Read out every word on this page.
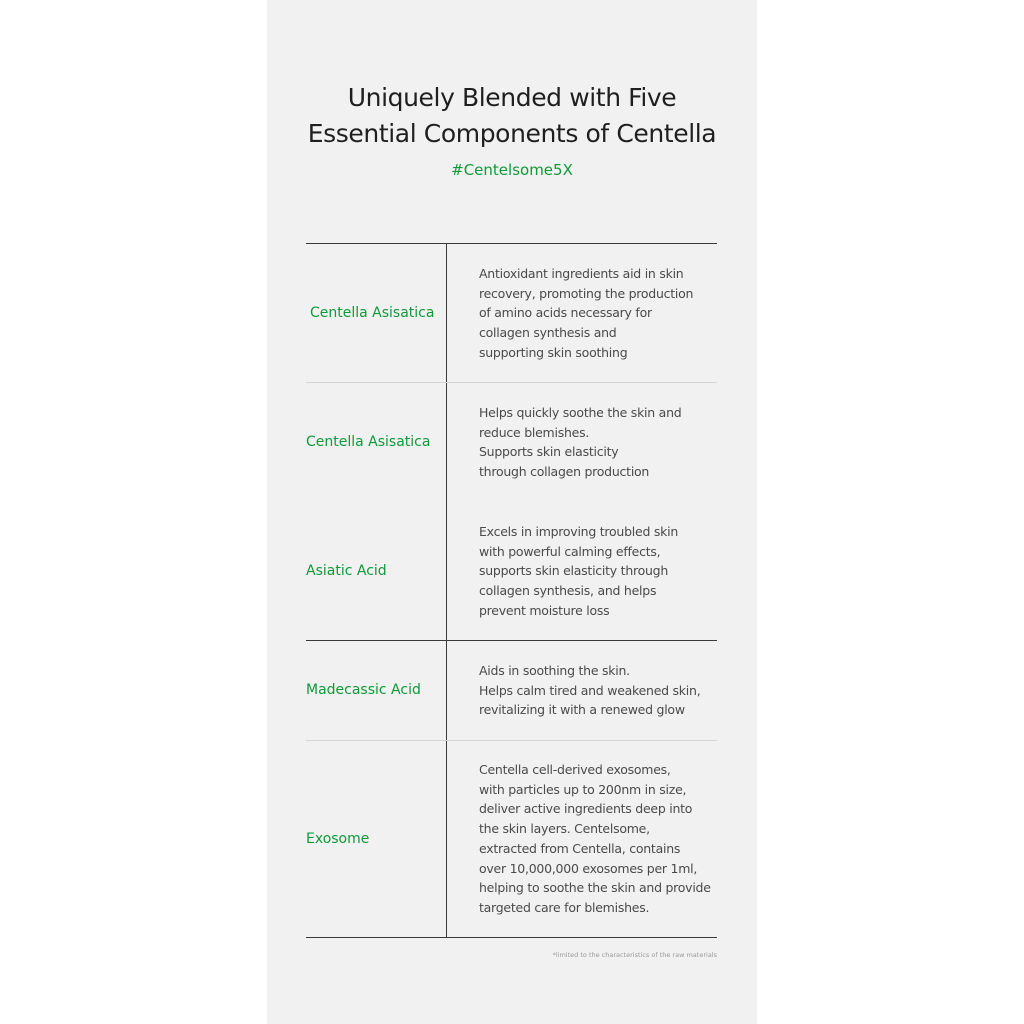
Uniquely Blended with Five
Essential Components of Centella
#Centelsome5X
Centella Asisatica
Antioxidant ingredients aid in skin
recovery, promoting the production
of amino acids necessary for
collagen synthesis and
supporting skin soothing
Centella Asisatica
Helps quickly soothe the skin and
reduce blemishes.
Supports skin elasticity
through collagen production
Asiatic Acid
Excels in improving troubled skin
with powerful calming effects,
supports skin elasticity through
collagen synthesis, and helps
prevent moisture loss
Madecassic Acid
Aids in soothing the skin.
Helps calm tired and weakened skin,
revitalizing it with a renewed glow
Exosome
Centella cell-derived exosomes,
with particles up to 200nm in size,
deliver active ingredients deep into
the skin layers. Centelsome,
extracted from Centella, contains
over 10,000,000 exosomes per 1ml,
helping to soothe the skin and provide
targeted care for blemishes.
*limited to the characteristics of the raw materials
